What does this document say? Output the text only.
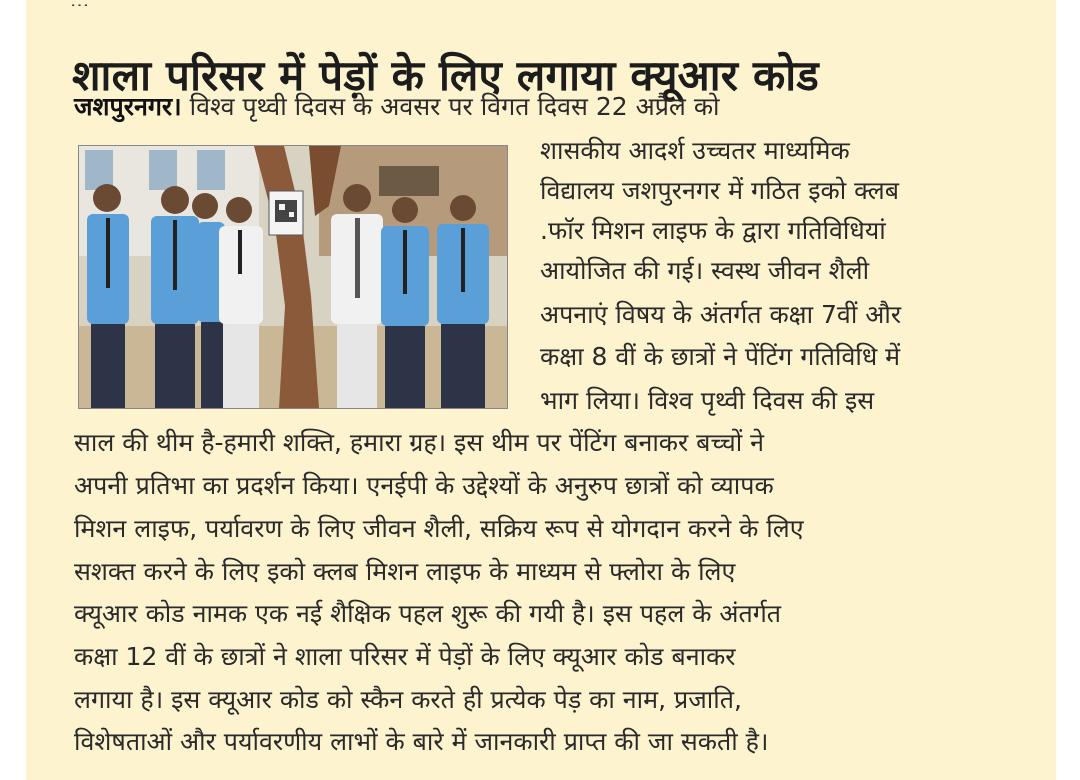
शाला परिसर में पेड़ों के लिए लगाया क्यूआर कोड
जशपुरनगर। विश्व पृथ्वी दिवस के अवसर पर विगत दिवस 22 अप्रैल को
शासकीय आदर्श उच्चतर माध्यमिक
विद्यालय जशपुरनगर में गठित इको क्लब
.फॉर मिशन लाइफ के द्वारा गतिविधियां
आयोजित की गई। स्वस्थ जीवन शैली
अपनाएं विषय के अंतर्गत कक्षा 7वीं और
कक्षा 8 वीं के छात्रों ने पेंटिंग गतिविधि में
भाग लिया। विश्व पृथ्वी दिवस की इस
साल की थीम है-हमारी शक्ति, हमारा ग्रह। इस थीम पर पेंटिंग बनाकर बच्चों ने
अपनी प्रतिभा का प्रदर्शन किया। एनईपी के उद्देश्यों के अनुरुप छात्रों को व्यापक
मिशन लाइफ, पर्यावरण के लिए जीवन शैली, सक्रिय रूप से योगदान करने के लिए
सशक्त करने के लिए इको क्लब मिशन लाइफ के माध्यम से फ्लोरा के लिए
क्यूआर कोड नामक एक नई शैक्षिक पहल शुरू की गयी है। इस पहल के अंतर्गत
कक्षा 12 वीं के छात्रों ने शाला परिसर में पेड़ों के लिए क्यूआर कोड बनाकर
लगाया है। इस क्यूआर कोड को स्कैन करते ही प्रत्येक पेड़ का नाम, प्रजाति,
विशेषताओं और पर्यावरणीय लाभों के बारे में जानकारी प्राप्त की जा सकती है।
